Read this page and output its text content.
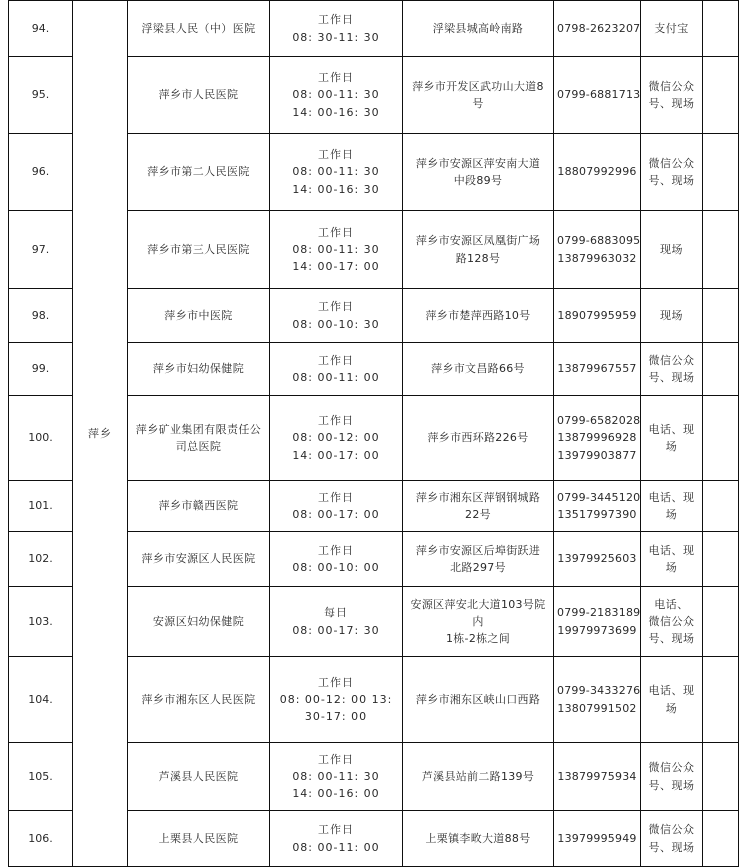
94.	萍乡	浮梁县人民（中）医院	工作日
08: 30-11: 30	浮梁县城高岭南路	0798-2623207	支付宝	

95.		萍乡市人民医院	工作日
08: 00-11: 30
14: 00-16: 30	萍乡市开发区武功山大道8
号	0799-6881713	微信公众
号、现场	

96.		萍乡市第二人民医院	工作日
08: 00-11: 30
14: 00-16: 30	萍乡市安源区萍安南大道
中段89号	18807992996	微信公众
号、现场	

97.		萍乡市第三人民医院	工作日
08: 00-11: 30
14: 00-17: 00	萍乡市安源区凤凰街广场
路128号	0799-6883095
13879963032	现场	

98.		萍乡市中医院	工作日
08: 00-10: 30	萍乡市楚萍西路10号	18907995959	现场	

99.		萍乡市妇幼保健院	工作日
08: 00-11: 00	萍乡市文昌路66号	13879967557	微信公众
号、现场	

100.		萍乡矿业集团有限责任公司总医院	工作日
08: 00-12: 00
14: 00-17: 00	萍乡市西环路226号	0799-6582028
13879996928
13979903877	电话、现
场	

101.		萍乡市赣西医院	工作日
08: 00-17: 00	萍乡市湘东区萍钢钢城路
22号	0799-3445120
13517997390	电话、现
场	

102.		萍乡市安源区人民医院	工作日
08: 00-10: 00	萍乡市安源区后埠街跃进
北路297号	13979925603	电话、现
场	

103.		安源区妇幼保健院	每日
08: 00-17: 30	安源区萍安北大道103号院
内
1栋-2栋之间	0799-2183189
19979973699	电话、
微信公众
号、现场	

104.		萍乡市湘东区人民医院	工作日
08: 00-12: 00 13:
30-17: 00	萍乡市湘东区峡山口西路	0799-3433276
13807991502	电话、现
场	

105.		芦溪县人民医院	工作日
08: 00-11: 30
14: 00-16: 00	芦溪县站前二路139号	13879975934	微信公众
号、现场	

106.		上栗县人民医院	工作日
08: 00-11: 00	上栗镇李畋大道88号	13979995949	微信公众
号、现场	
